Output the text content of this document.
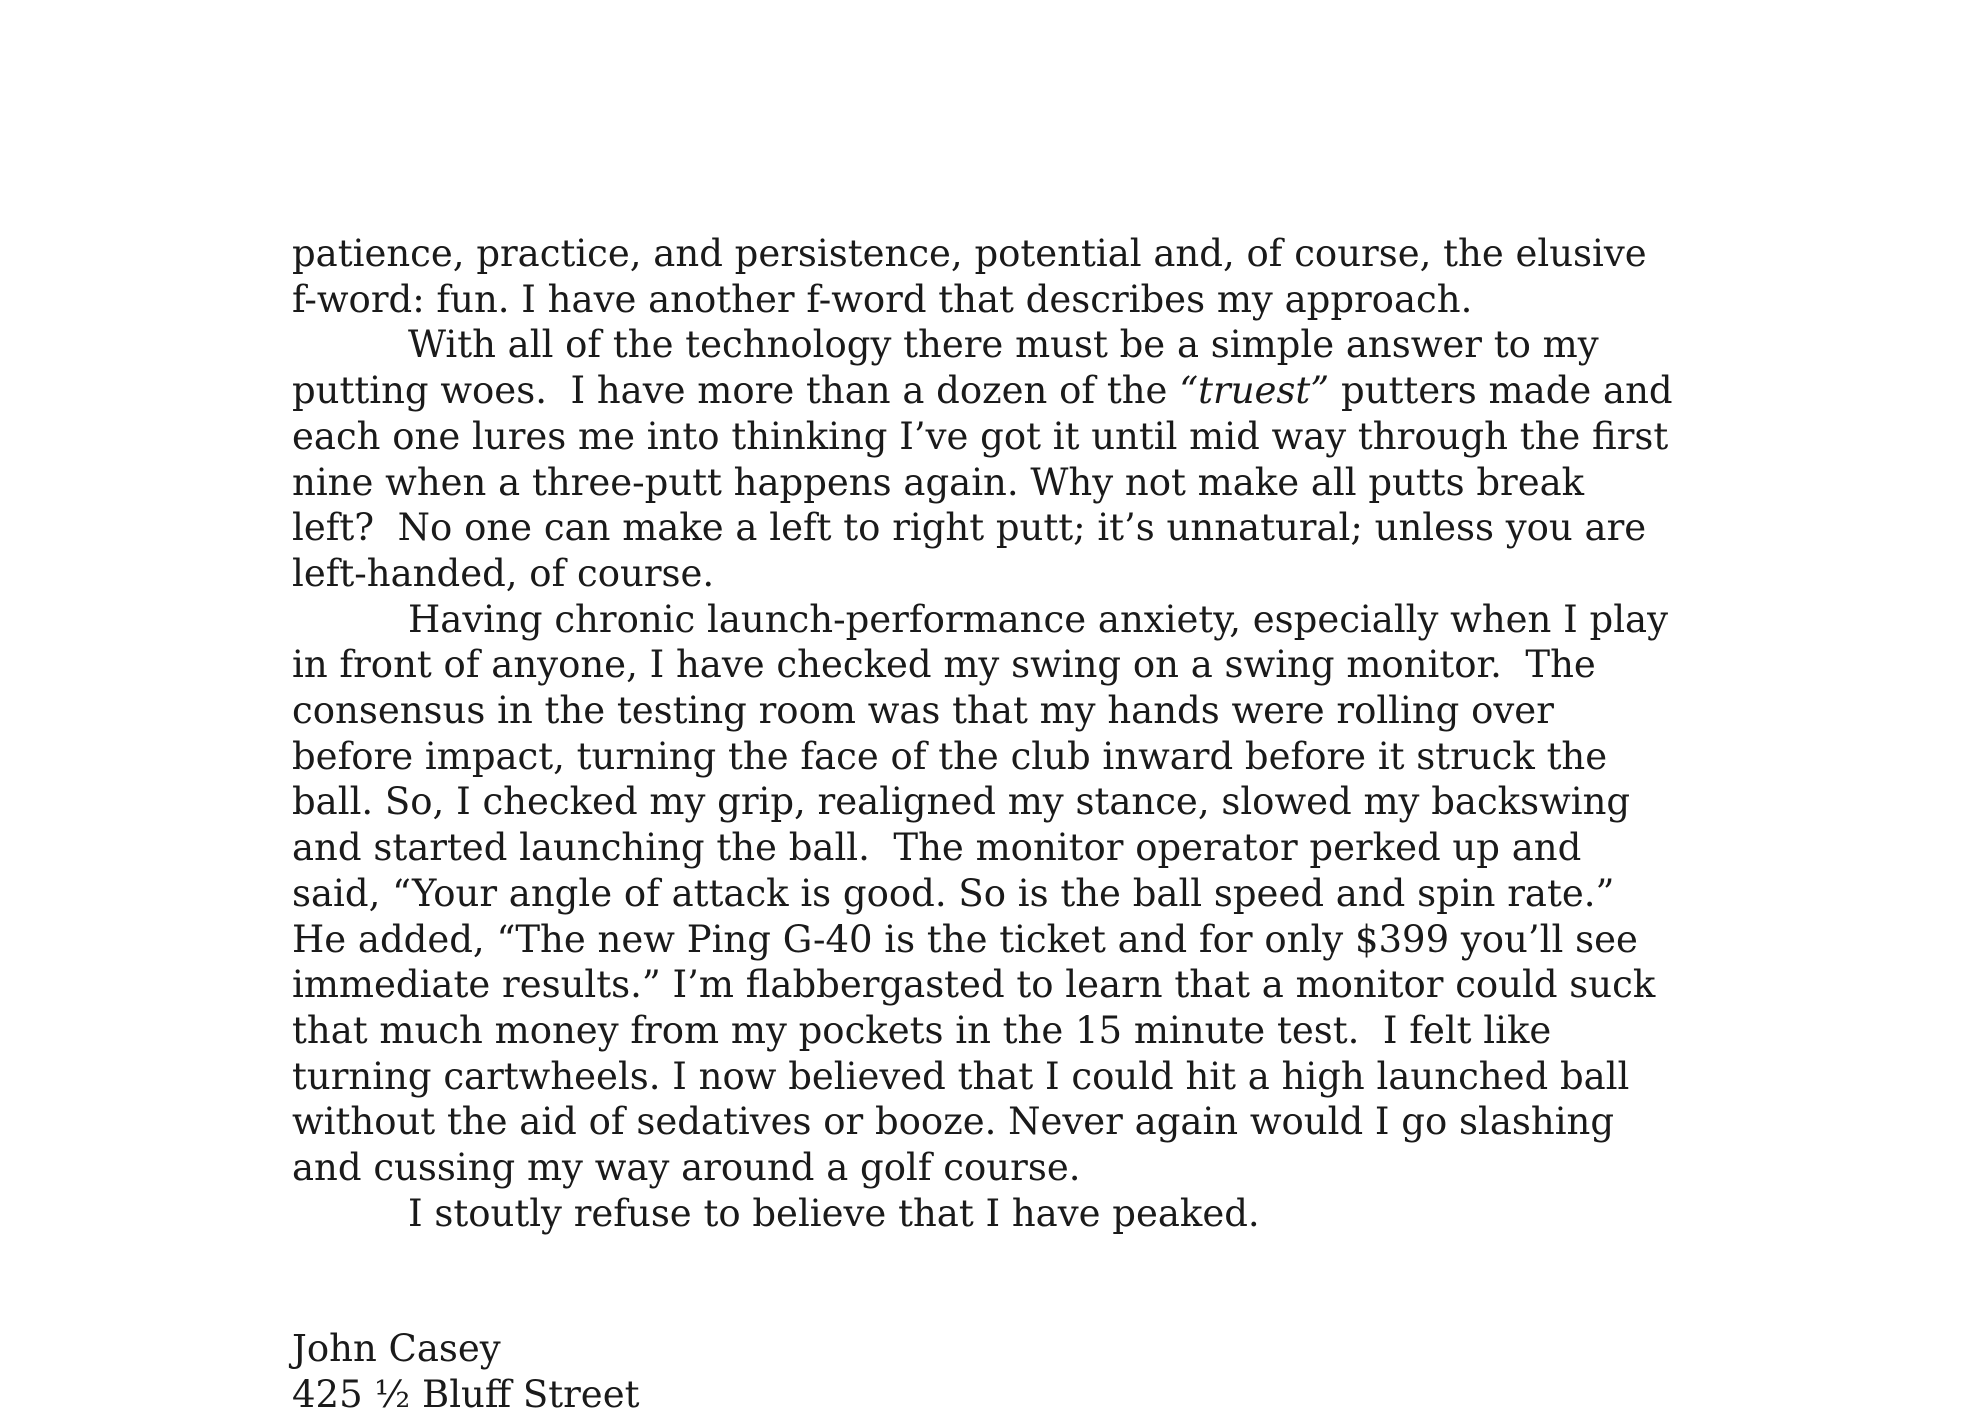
patience, practice, and persistence, potential and, of course, the elusive
f-word: fun. I have another f-word that describes my approach.
With all of the technology there must be a simple answer to my
putting woes.  I have more than a dozen of the “truest” putters made and
each one lures me into thinking I’ve got it until mid way through the first
nine when a three-putt happens again. Why not make all putts break
left?  No one can make a left to right putt; it’s unnatural; unless you are
left-handed, of course.
Having chronic launch-performance anxiety, especially when I play
in front of anyone, I have checked my swing on a swing monitor.  The
consensus in the testing room was that my hands were rolling over
before impact, turning the face of the club inward before it struck the
ball. So, I checked my grip, realigned my stance, slowed my backswing
and started launching the ball.  The monitor operator perked up and
said, “Your angle of attack is good. So is the ball speed and spin rate.”
He added, “The new Ping G-40 is the ticket and for only $399 you’ll see
immediate results.” I’m flabbergasted to learn that a monitor could suck
that much money from my pockets in the 15 minute test.  I felt like
turning cartwheels. I now believed that I could hit a high launched ball
without the aid of sedatives or booze. Never again would I go slashing
and cussing my way around a golf course.
I stoutly refuse to believe that I have peaked.
John Casey
425 ½ Bluff Street
